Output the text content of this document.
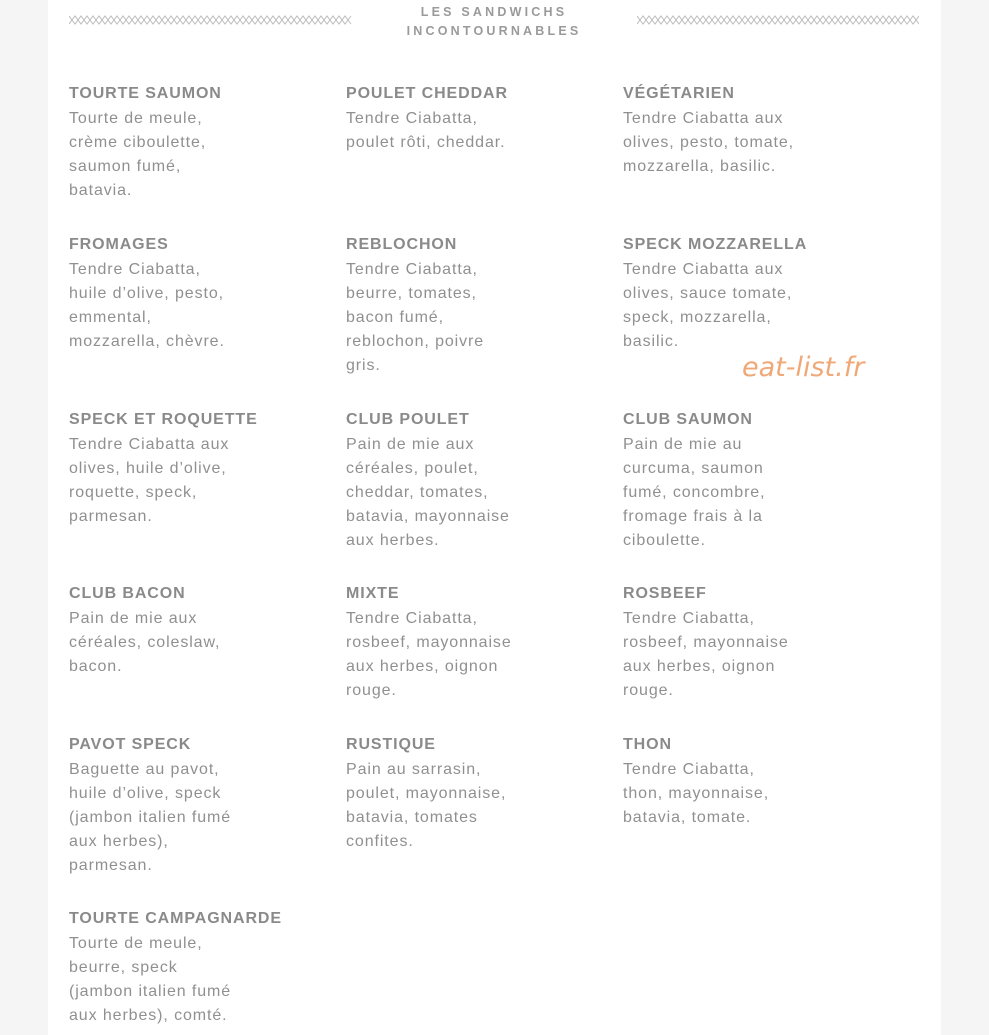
LES SANDWICHS
INCONTOURNABLES
TOURTE SAUMON
Tourte de meule,
crème ciboulette,
saumon fumé,
batavia.
POULET CHEDDAR
Tendre Ciabatta,
poulet rôti, cheddar.
VÉGÉTARIEN
Tendre Ciabatta aux
olives, pesto, tomate,
mozzarella, basilic.
FROMAGES
Tendre Ciabatta,
huile d’olive, pesto,
emmental,
mozzarella, chèvre.
REBLOCHON
Tendre Ciabatta,
beurre, tomates,
bacon fumé,
reblochon, poivre
gris.
SPECK MOZZARELLA
Tendre Ciabatta aux
olives, sauce tomate,
speck, mozzarella,
basilic.
SPECK ET ROQUETTE
Tendre Ciabatta aux
olives, huile d’olive,
roquette, speck,
parmesan.
CLUB POULET
Pain de mie aux
céréales, poulet,
cheddar, tomates,
batavia, mayonnaise
aux herbes.
CLUB SAUMON
Pain de mie au
curcuma, saumon
fumé, concombre,
fromage frais à la
ciboulette.
CLUB BACON
Pain de mie aux
céréales, coleslaw,
bacon.
MIXTE
Tendre Ciabatta,
rosbeef, mayonnaise
aux herbes, oignon
rouge.
ROSBEEF
Tendre Ciabatta,
rosbeef, mayonnaise
aux herbes, oignon
rouge.
PAVOT SPECK
Baguette au pavot,
huile d’olive, speck
(jambon italien fumé
aux herbes),
parmesan.
RUSTIQUE
Pain au sarrasin,
poulet, mayonnaise,
batavia, tomates
confites.
THON
Tendre Ciabatta,
thon, mayonnaise,
batavia, tomate.
TOURTE CAMPAGNARDE
Tourte de meule,
beurre, speck
(jambon italien fumé
aux herbes), comté.
eat-list.fr
